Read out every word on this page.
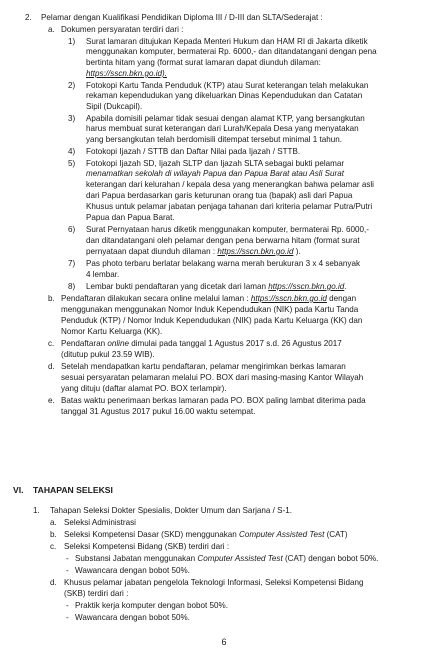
2. Pelamar dengan Kualifikasi Pendidikan Diploma III / D-III dan SLTA/Sederajat :
a. Dokumen persyaratan terdiri dari :
1) Surat lamaran ditujukan Kepada Menteri Hukum dan HAM RI di Jakarta diketik
menggunakan komputer, bermaterai Rp. 6000,- dan ditandatangani dengan pena
bertinta hitam yang (format surat lamaran dapat diunduh dilaman:
https://sscn.bkn.go.id).
2) Fotokopi Kartu Tanda Penduduk (KTP) atau Surat keterangan telah melakukan
rekaman kependudukan yang dikeluarkan Dinas Kependudukan dan Catatan
Sipil (Dukcapil).
3) Apabila domisili pelamar tidak sesuai dengan alamat KTP, yang bersangkutan
harus membuat surat keterangan dari Lurah/Kepala Desa yang menyatakan
yang bersangkutan telah berdomisili ditempat tersebut minimal 1 tahun.
4) Fotokopi Ijazah / STTB dan Daftar Nilai pada Ijazah / STTB.
5) Fotokopi Ijazah SD, Ijazah SLTP dan Ijazah SLTA sebagai bukti pelamar
menamatkan sekolah di wilayah Papua dan Papua Barat atau Asli Surat
keterangan dari kelurahan / kepala desa yang menerangkan bahwa pelamar asli
dari Papua berdasarkan garis keturunan orang tua (bapak) asli dari Papua
Khusus untuk pelamar jabatan penjaga tahanan dari kriteria pelamar Putra/Putri
Papua dan Papua Barat.
6) Surat Pernyataan harus diketik menggunakan komputer, bermaterai Rp. 6000,-
dan ditandatangani oleh pelamar dengan pena berwarna hitam (format surat
pernyataan dapat diunduh dilaman : https://sscn.bkn.go.id ).
7) Pas photo terbaru berlatar belakang warna merah berukuran 3 x 4 sebanyak
4 lembar.
8) Lembar bukti pendaftaran yang dicetak dari laman https://sscn.bkn.go.id.
b. Pendaftaran dilakukan secara online melalui laman : https://sscn.bkn.go.id dengan
menggunakan menggunakan Nomor Induk Kependudukan (NIK) pada Kartu Tanda
Penduduk (KTP) / Nomor Induk Kependudukan (NIK) pada Kartu Keluarga (KK) dan
Nomor Kartu Keluarga (KK).
c. Pendaftaran online dimulai pada tanggal 1 Agustus 2017 s.d. 26 Agustus 2017
(ditutup pukul 23.59 WIB).
d. Setelah mendapatkan kartu pendaftaran, pelamar mengirimkan berkas lamaran
sesuai persyaratan pelamaran melalui PO. BOX dari masing-masing Kantor Wilayah
yang dituju (daftar alamat PO. BOX terlampir).
e. Batas waktu penerimaan berkas lamaran pada PO. BOX paling lambat diterima pada
tanggal 31 Agustus 2017 pukul 16.00 waktu setempat.
VI. TAHAPAN SELEKSI
1. Tahapan Seleksi Dokter Spesialis, Dokter Umum dan Sarjana / S-1.
a. Seleksi Administrasi
b. Seleksi Kompetensi Dasar (SKD) menggunakan Computer Assisted Test (CAT)
c. Seleksi Kompetensi Bidang (SKB) terdiri dari :
- Substansi Jabatan menggunakan Computer Assisted Test (CAT) dengan bobot 50%.
- Wawancara dengan bobot 50%.
d. Khusus pelamar jabatan pengelola Teknologi Informasi, Seleksi Kompetensi Bidang
(SKB) terdiri dari :
- Praktik kerja komputer dengan bobot 50%.
- Wawancara dengan bobot 50%.
6
